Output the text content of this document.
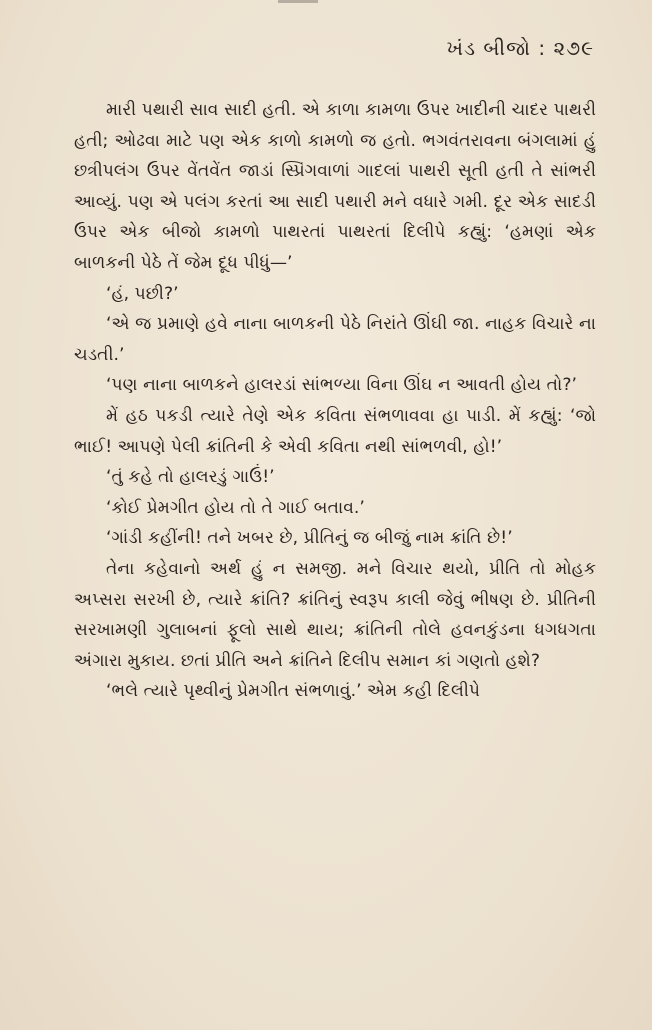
ખંડ બીજો : ૨૭૯

મારી પથારી સાવ સાદી હતી. એ કાળા કામળા ઉપર ખાદીની ચાદર પાથરી હતી; ઓઢવા માટે પણ એક કાળો કામળો જ હતો. ભગવંતરાવના બંગલામાં હું છત્રીપલંગ ઉપર વેંતવેંત જાડાં સ્પ્રિંગવાળાં ગાદલાં પાથરી સૂતી હતી તે સાંભરી આવ્યું. પણ એ પલંગ કરતાં આ સાદી પથારી મને વધારે ગમી. દૂર એક સાદડી ઉપર એક બીજો કામળો પાથરતાં પાથરતાં દિલીપે કહ્યું: ‘હમણાં એક બાળકની પેઠે તેં જેમ દૂધ પીધું—’

‘હં, પછી?’

‘એ જ પ્રમાણે હવે નાના બાળકની પેઠે નિરાંતે ઊંઘી જા. નાહક વિચારે ના ચડતી.’

‘પણ નાના બાળકને હાલરડાં સાંભળ્યા વિના ઊંઘ ન આવતી હોય તો?’

મેં હઠ પકડી ત્યારે તેણે એક કવિતા સંભળાવવા હા પાડી. મેં કહ્યું: ‘જો ભાઈ! આપણે પેલી ક્રાંતિની કે એવી કવિતા નથી સાંભળવી, હો!’

‘તું કહે તો હાલરડું ગાઉં!’

‘કોઈ પ્રેમગીત હોય તો તે ગાઈ બતાવ.’

‘ગાંડી કહીંની! તને ખબર છે, પ્રીતિનું જ બીજું નામ ક્રાંતિ છે!’

તેના કહેવાનો અર્થ હું ન સમજી. મને વિચાર થયો, પ્રીતિ તો મોહક અપ્સરા સરખી છે, ત્યારે ક્રાંતિ? ક્રાંતિનું સ્વરૂપ કાલી જેવું ભીષણ છે. પ્રીતિની સરખામણી ગુલાબનાં ફૂલો સાથે થાય; ક્રાંતિની તોલે હવનકુંડના ધગધગતા અંગારા મુકાય. છતાં પ્રીતિ અને ક્રાંતિને દિલીપ સમાન કાં ગણતો હશે?

‘ભલે ત્યારે પૃથ્વીનું પ્રેમગીત સંભળાવું.’ એમ કહી દિલીપે
